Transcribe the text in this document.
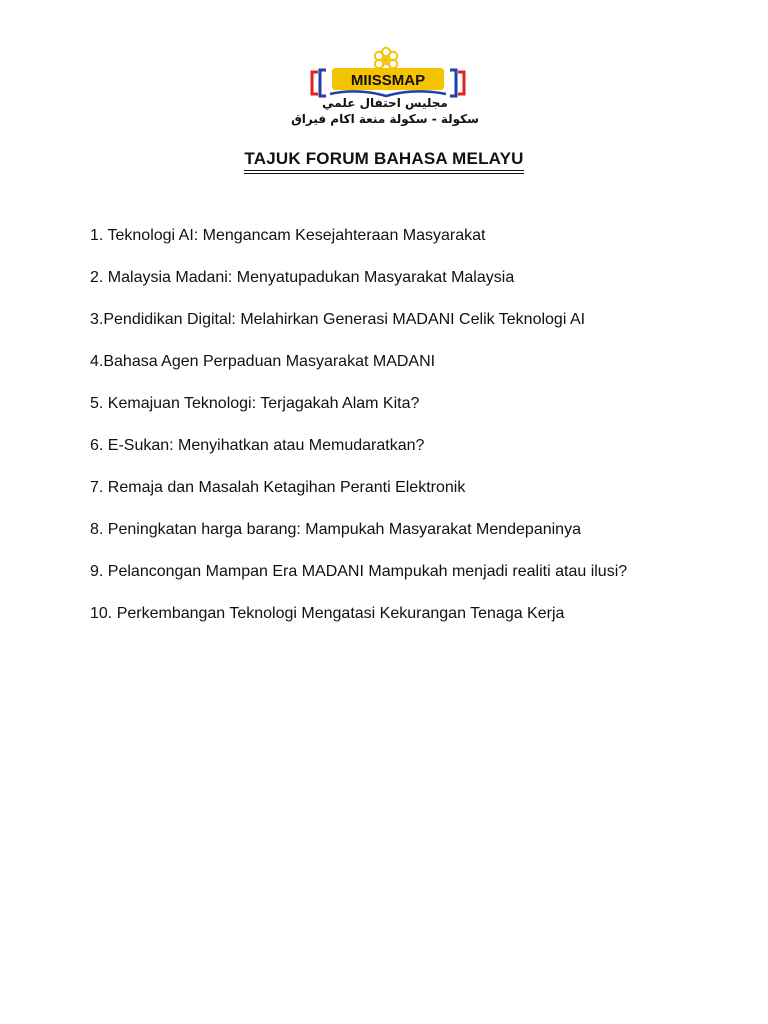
MIISSMAP
مجليس احتفال علمي
سكولة - سكولة منعة اكام فيراق
TAJUK FORUM BAHASA MELAYU
1. Teknologi AI: Mengancam Kesejahteraan Masyarakat
2. Malaysia Madani: Menyatupadukan Masyarakat Malaysia
3.Pendidikan Digital: Melahirkan Generasi MADANI Celik Teknologi AI
4.Bahasa Agen Perpaduan Masyarakat MADANI
5. Kemajuan Teknologi: Terjagakah Alam Kita?
6. E-Sukan: Menyihatkan atau Memudaratkan?
7. Remaja dan Masalah Ketagihan Peranti Elektronik
8. Peningkatan harga barang: Mampukah Masyarakat Mendepaninya
9. Pelancongan Mampan Era MADANI Mampukah menjadi realiti atau ilusi?
10. Perkembangan Teknologi Mengatasi Kekurangan Tenaga Kerja
